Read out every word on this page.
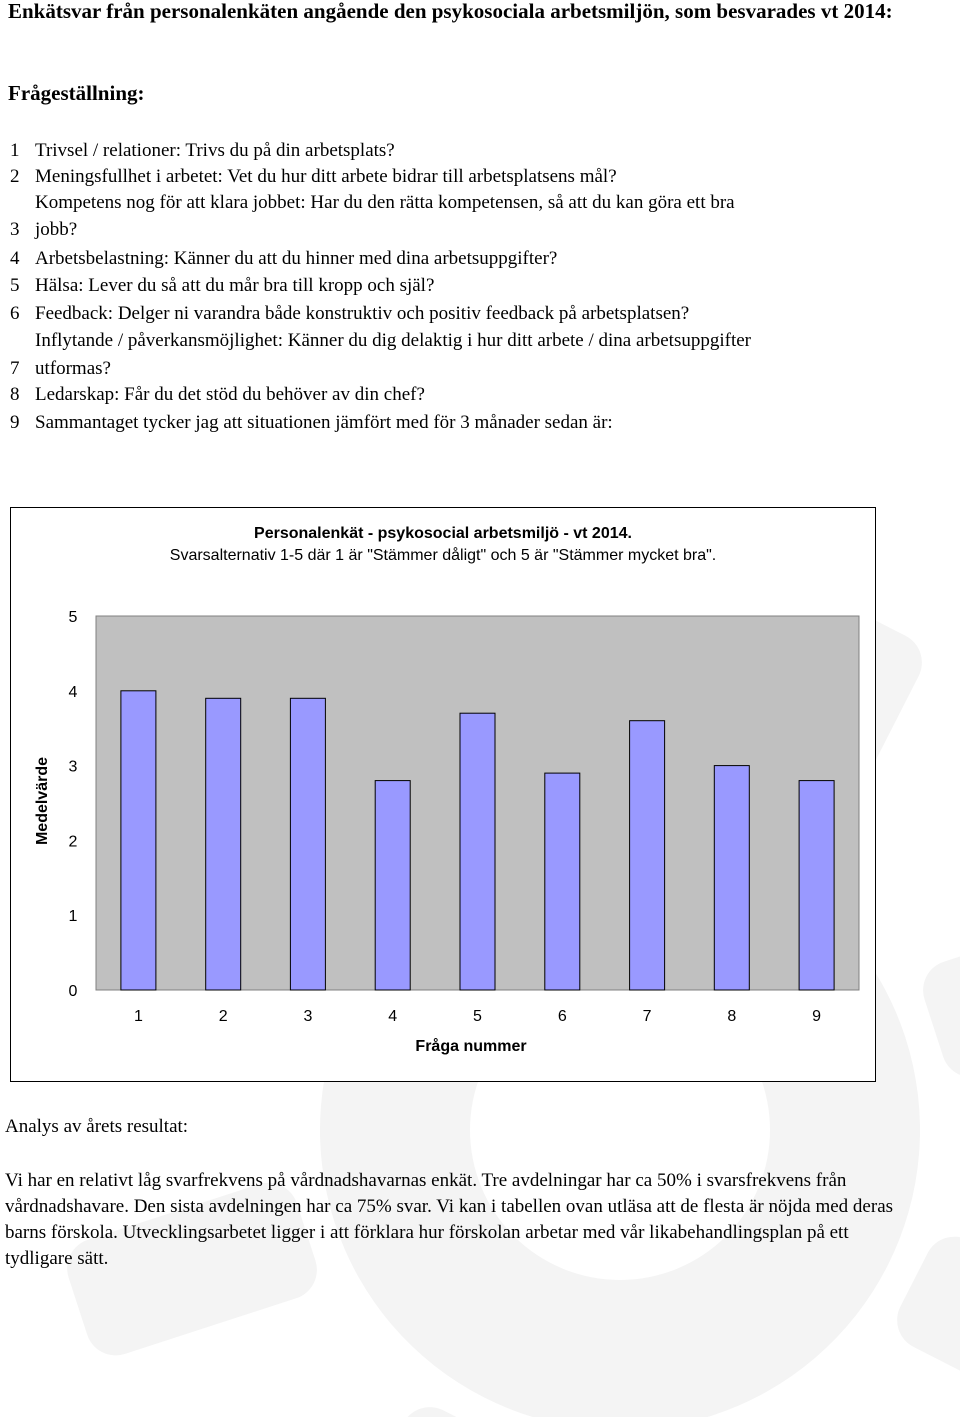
Enkätsvar från personalenkäten angående den psykosociala arbetsmiljön, som besvarades vt 2014:
Frågeställning:
1 Trivsel / relationer: Trivs du på din arbetsplats?
2 Meningsfullhet i arbetet: Vet du hur ditt arbete bidrar till arbetsplatsens mål?
Kompetens nog för att klara jobbet: Har du den rätta kompetensen, så att du kan göra ett bra
3 jobb?
4 Arbetsbelastning: Känner du att du hinner med dina arbetsuppgifter?
5 Hälsa: Lever du så att du mår bra till kropp och själ?
6 Feedback: Delger ni varandra både konstruktiv och positiv feedback på arbetsplatsen?
Inflytande / påverkansmöjlighet: Känner du dig delaktig i hur ditt arbete / dina arbetsuppgifter
7 utformas?
8 Ledarskap: Får du det stöd du behöver av din chef?
9 Sammantaget tycker jag att situationen jämfört med för 3 månader sedan är:
Personalenkät - psykosocial arbetsmiljö - vt 2014.
Svarsalternativ 1-5 där 1 är "Stämmer dåligt" och 5 är "Stämmer mycket bra".
0
1
2
3
4
5
1	2	3	4	5	6	7	8	9
Medelvärde
Fråga nummer
Analys av årets resultat:
Vi har en relativt låg svarfrekvens på vårdnadshavarnas enkät. Tre avdelningar har ca 50% i svarsfrekvens från vårdnadshavare. Den sista avdelningen har ca 75% svar. Vi kan i tabellen ovan utläsa att de flesta är nöjda med deras barns förskola. Utvecklingsarbetet ligger i att förklara hur förskolan arbetar med vår likabehandlingsplan på ett tydligare sätt.
